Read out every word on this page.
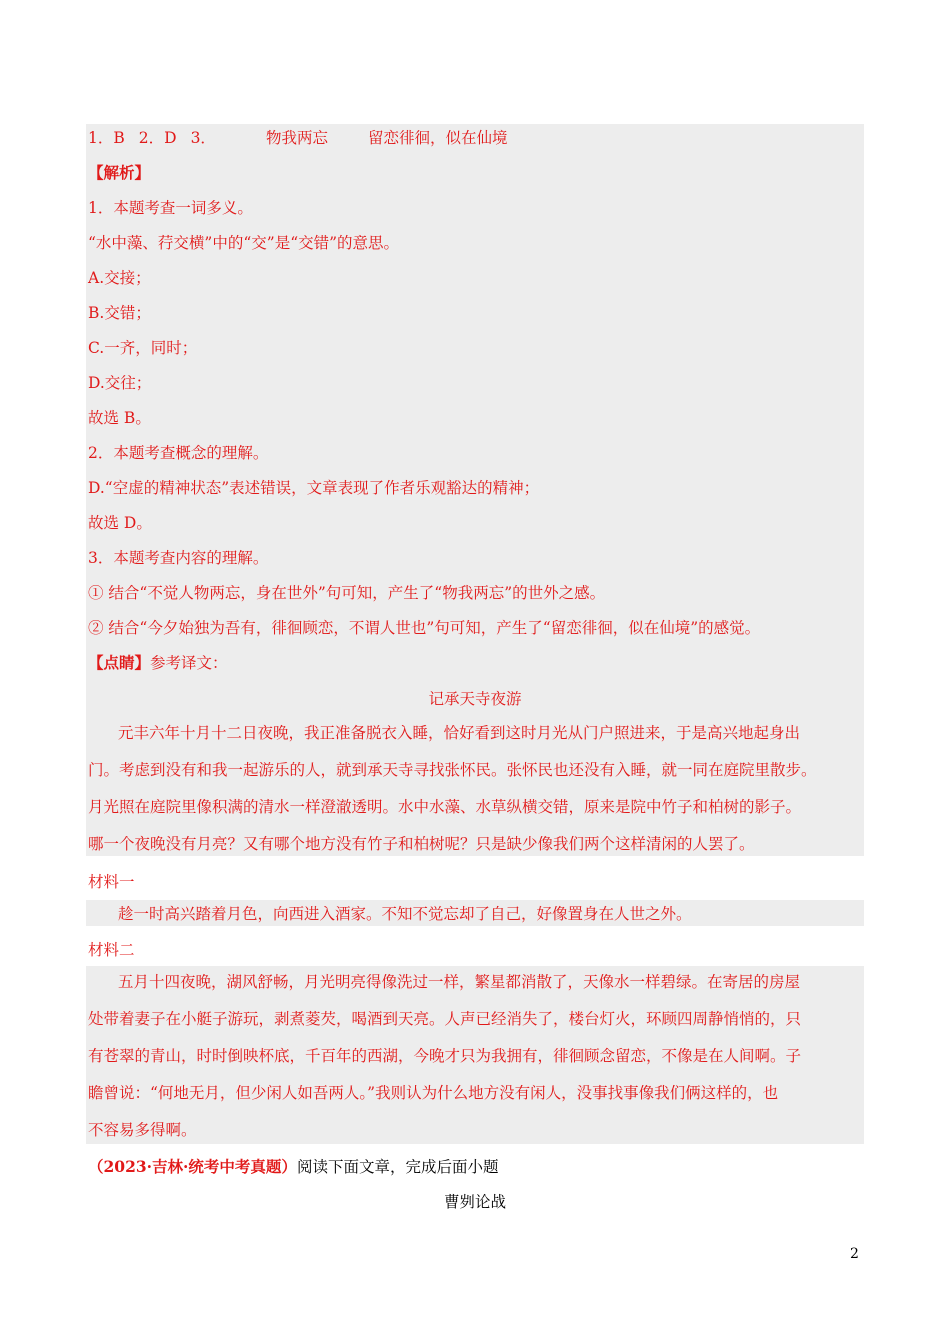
1．B 2．D 3．	物我两忘	留恋徘徊，似在仙境
【解析】
1．本题考查一词多义。
“水中藻、荇交横”中的“交”是“交错”的意思。
A.交接；
B.交错；
C.一齐，同时；
D.交往；
故选 B。
2．本题考查概念的理解。
D.“空虚的精神状态”表述错误，文章表现了作者乐观豁达的精神；
故选 D。
3．本题考查内容的理解。
① 结合“不觉人物两忘，身在世外”句可知，产生了“物我两忘”的世外之感。
② 结合“今夕始独为吾有，徘徊顾恋，不谓人世也”句可知，产生了“留恋徘徊，似在仙境”的感觉。
【点睛】参考译文：
记承天寺夜游
元丰六年十月十二日夜晚，我正准备脱衣入睡，恰好看到这时月光从门户照进来，于是高兴地起身出
门。考虑到没有和我一起游乐的人，就到承天寺寻找张怀民。张怀民也还没有入睡，就一同在庭院里散步。
月光照在庭院里像积满的清水一样澄澈透明。水中水藻、水草纵横交错，原来是院中竹子和柏树的影子。
哪一个夜晚没有月亮？又有哪个地方没有竹子和柏树呢？只是缺少像我们两个这样清闲的人罢了。
材料一
趁一时高兴踏着月色，向西进入酒家。不知不觉忘却了自己，好像置身在人世之外。
材料二
五月十四夜晚，湖风舒畅，月光明亮得像洗过一样，繁星都消散了，天像水一样碧绿。在寄居的房屋
处带着妻子在小艇子游玩，剥煮菱芡，喝酒到天亮。人声已经消失了，楼台灯火，环顾四周静悄悄的，只
有苍翠的青山，时时倒映杯底，千百年的西湖，今晚才只为我拥有，徘徊顾念留恋，不像是在人间啊。子
瞻曾说：“何地无月，但少闲人如吾两人。”我则认为什么地方没有闲人，没事找事像我们俩这样的，也
不容易多得啊。
（2023·吉林·统考中考真题）阅读下面文章，完成后面小题
曹刿论战
2
